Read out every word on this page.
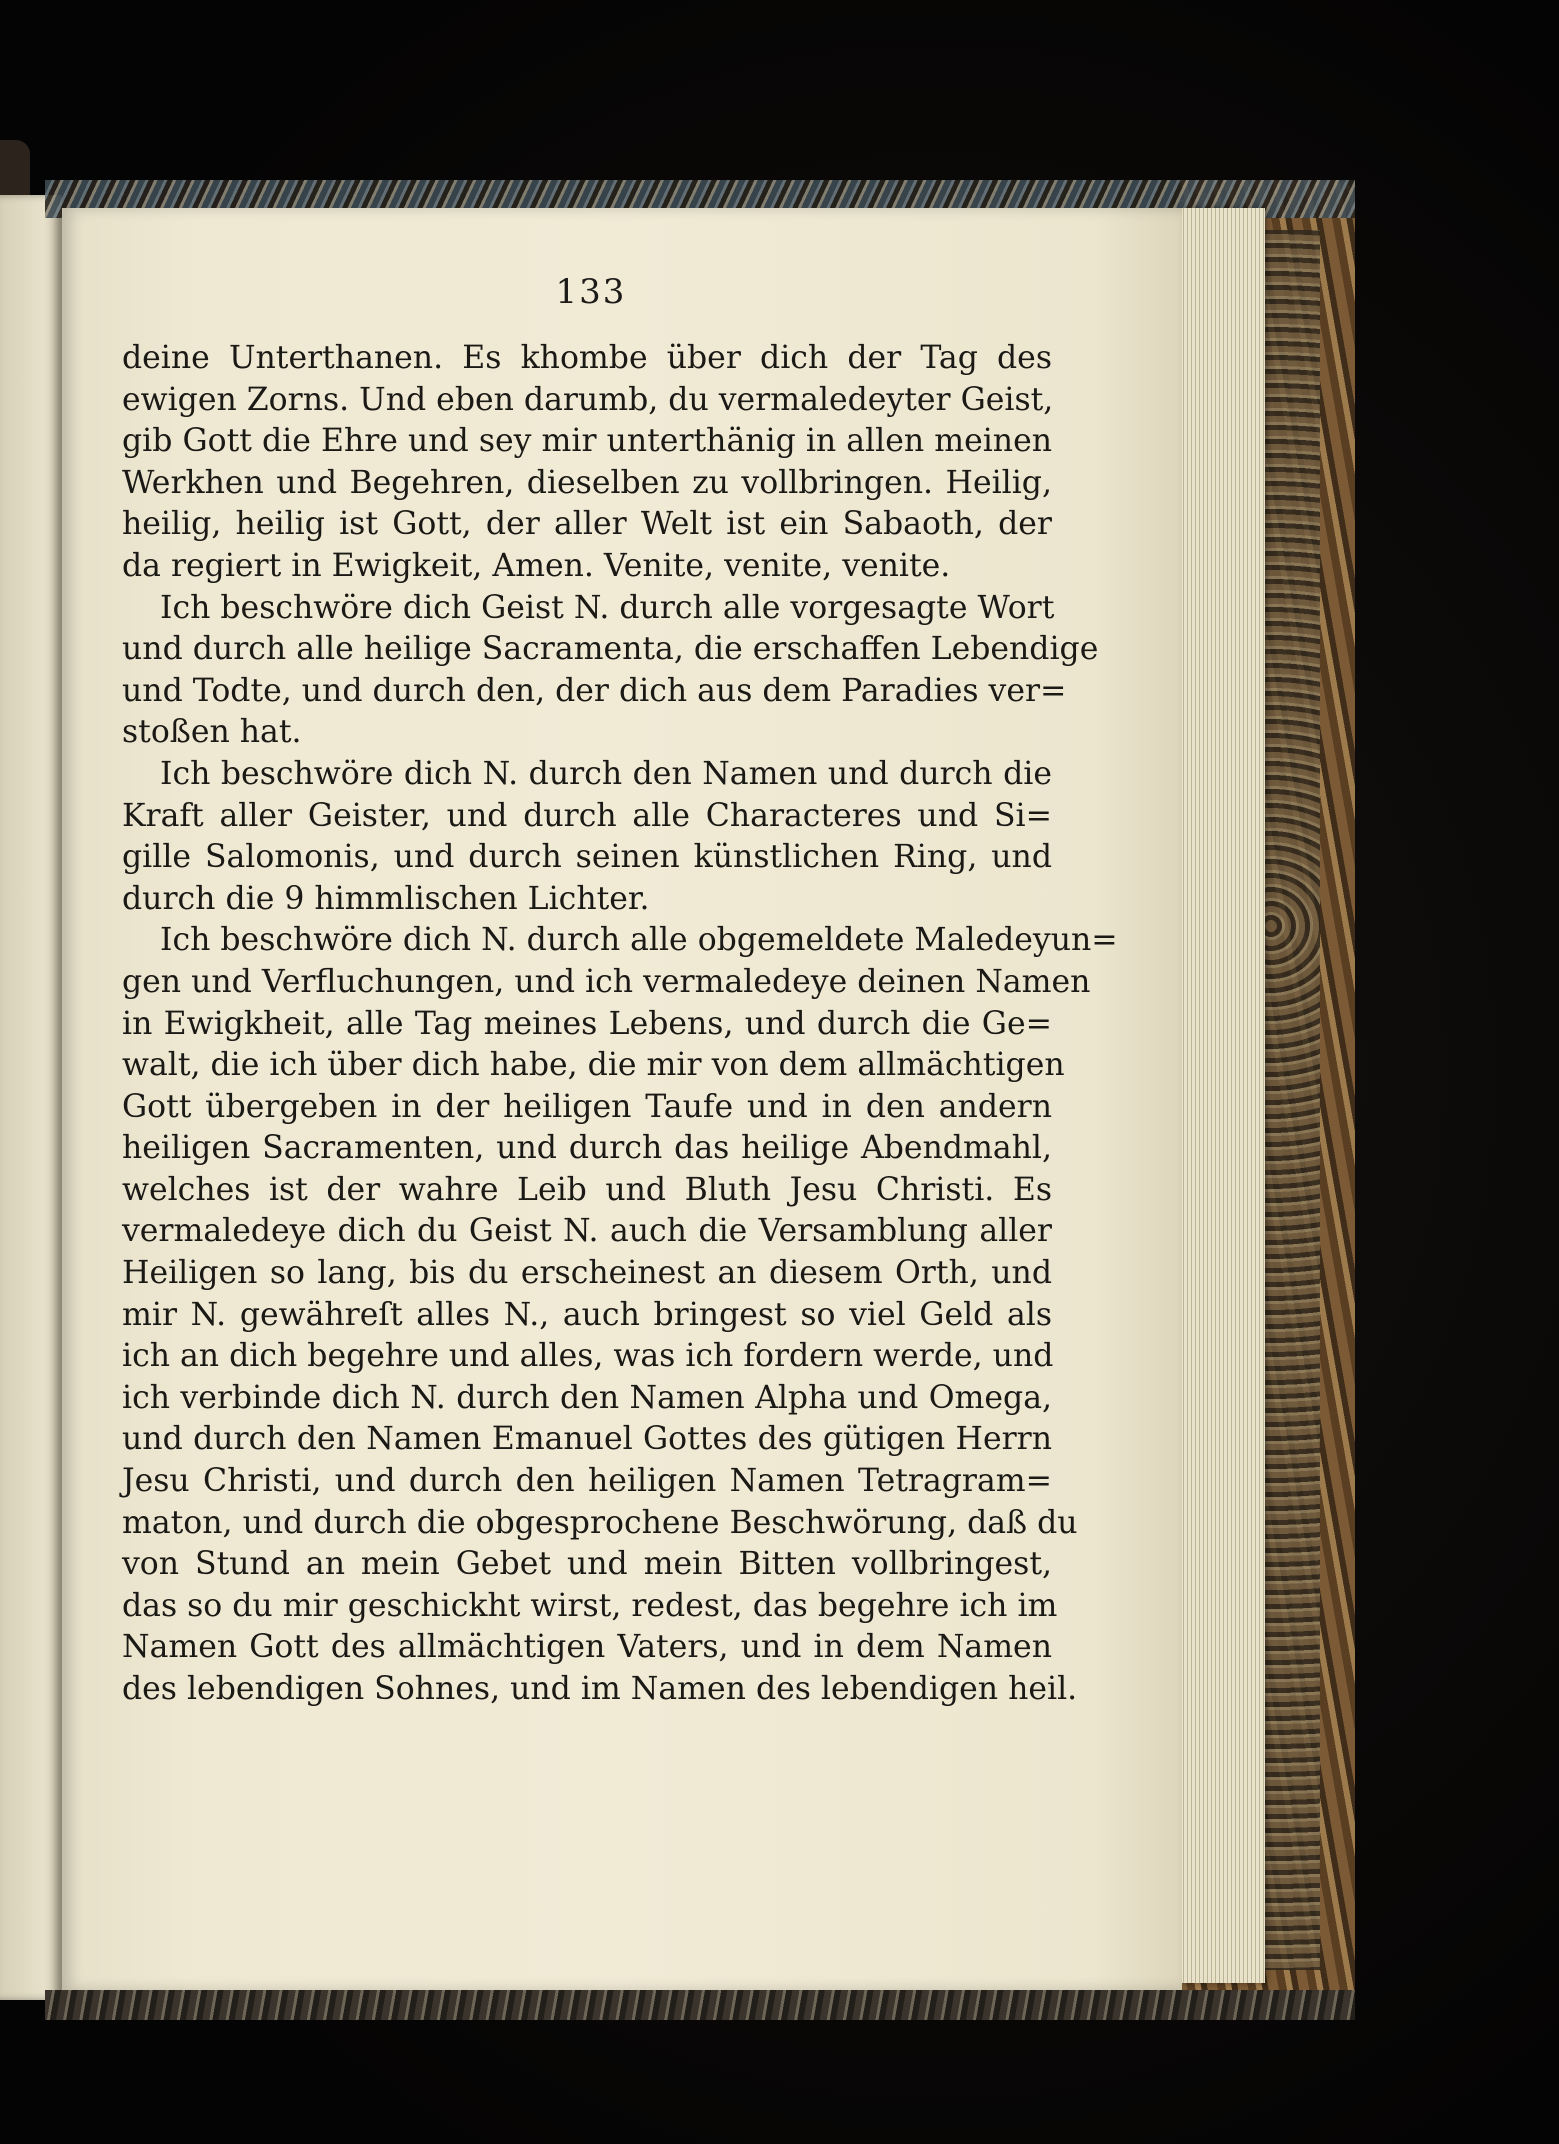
133
deine Unterthanen. Es khombe über dich der Tag des
ewigen Zorns. Und eben darumb, du vermaledeyter Geist,
gib Gott die Ehre und sey mir unterthänig in allen meinen
Werkhen und Begehren, dieselben zu vollbringen. Heilig,
heilig, heilig ist Gott, der aller Welt ist ein Sabaoth, der
da regiert in Ewigkeit, Amen. Venite, venite, venite.
Ich beschwöre dich Geist N. durch alle vorgesagte Wort
und durch alle heilige Sacramenta, die erschaffen Lebendige
und Todte, und durch den, der dich aus dem Paradies ver=
stoßen hat.
Ich beschwöre dich N. durch den Namen und durch die
Kraft aller Geister, und durch alle Characteres und Si=
gille Salomonis, und durch seinen künstlichen Ring, und
durch die 9 himmlischen Lichter.
Ich beschwöre dich N. durch alle obgemeldete Maledeyun=
gen und Verfluchungen, und ich vermaledeye deinen Namen
in Ewigkheit, alle Tag meines Lebens, und durch die Ge=
walt, die ich über dich habe, die mir von dem allmächtigen
Gott übergeben in der heiligen Taufe und in den andern
heiligen Sacramenten, und durch das heilige Abendmahl,
welches ist der wahre Leib und Bluth Jesu Christi. Es
vermaledeye dich du Geist N. auch die Versamblung aller
Heiligen so lang, bis du erscheinest an diesem Orth, und
mir N. gewähreſt alles N., auch bringest so viel Geld als
ich an dich begehre und alles, was ich fordern werde, und
ich verbinde dich N. durch den Namen Alpha und Omega,
und durch den Namen Emanuel Gottes des gütigen Herrn
Jesu Christi, und durch den heiligen Namen Tetragram=
maton, und durch die obgesprochene Beschwörung, daß du
von Stund an mein Gebet und mein Bitten vollbringest,
das so du mir geschickht wirst, redest, das begehre ich im
Namen Gott des allmächtigen Vaters, und in dem Namen
des lebendigen Sohnes, und im Namen des lebendigen heil.
